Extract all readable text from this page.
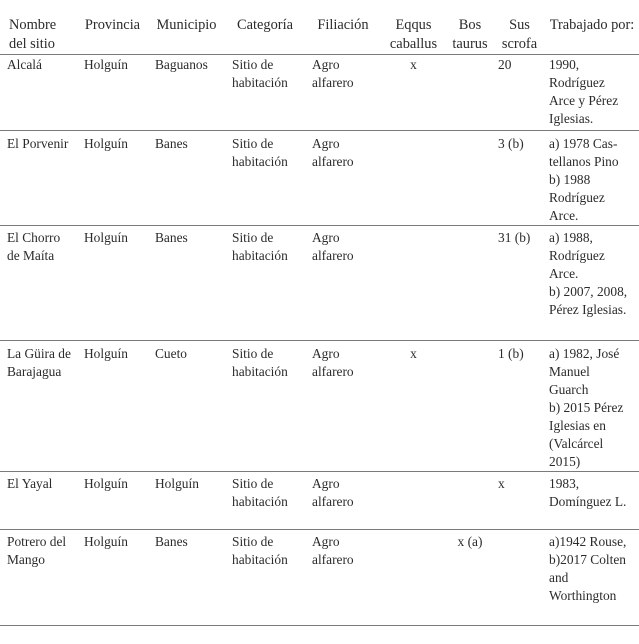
Nombre del sitio	Provincia	Municipio	Categoría	Filiación	Eqqus caballus	Bos taurus	Sus scrofa	Trabajado por:
Alcalá	Holguín	Baguanos	Sitio de habitación	Agro alfarero	x		20	1990, Rodríguez Arce y Pérez Iglesias.

El Porvenir	Holguín	Banes	Sitio de habitación	Agro alfarero			3 (b)	a) 1978 Cas-tellanos Pino
b) 1988 Rodríguez Arce.

El Chorro de Maíta	Holguín	Banes	Sitio de habitación	Agro alfarero			31 (b)	a) 1988, Rodríguez Arce.
b) 2007, 2008, Pérez Iglesias.

La Güira de Barajagua	Holguín	Cueto	Sitio de habitación	Agro alfarero	x		1 (b)	a) 1982, José Manuel Guarch
b) 2015 Pérez Iglesias en (Valcárcel 2015)

El Yayal	Holguín	Holguín	Sitio de habitación	Agro alfarero			x	1983, Domínguez L.

Potrero del Mango	Holguín	Banes	Sitio de habitación	Agro alfarero		x (a)		a)1942 Rouse,
b)2017 Colten and Worthington
